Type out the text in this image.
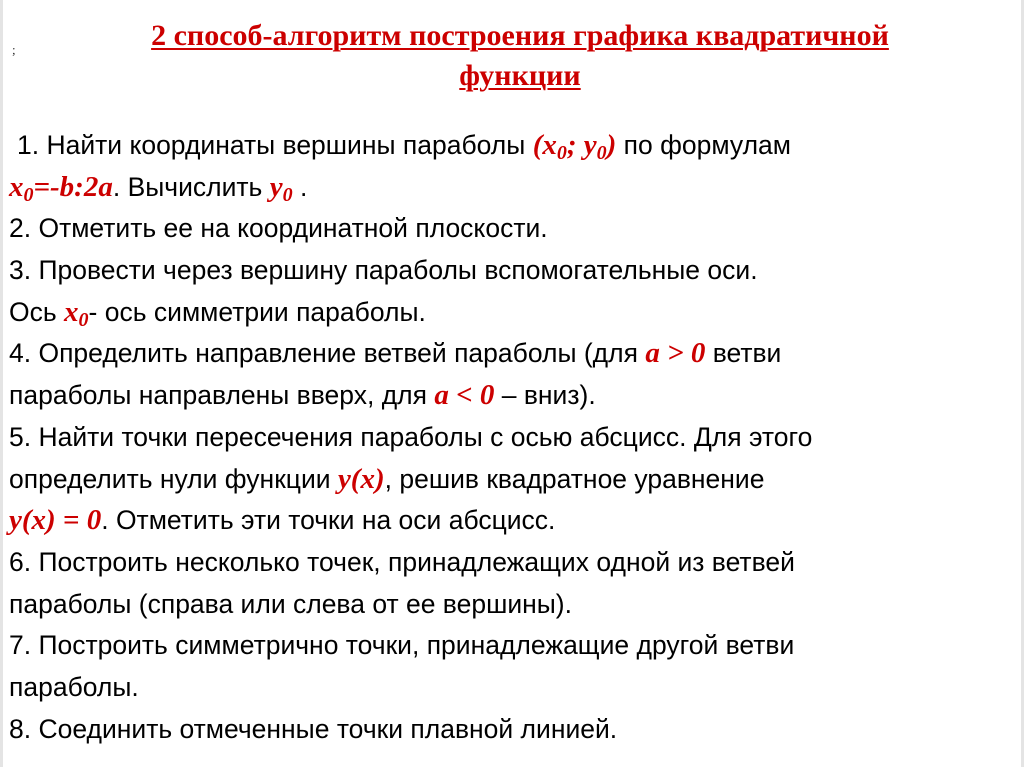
;	2 способ-алгоритм построения графика квадратичной
функции
1. Найти координаты вершины параболы ($x_0$; $y_0$) по формулам
$x_0=-b:2a$. Вычислить $y_0$ .
2. Отметить ее на координатной плоскости.
3. Провести через вершину параболы вспомогательные оси.
Ось $x_0-$ ось симметрии параболы.
4. Определить направление ветвей параболы (для a > 0 ветви
параболы направлены вверх, для a < 0 – вниз).
5. Найти точки пересечения параболы с осью абсцисс. Для этого
определить нули функции y(x), решив квадратное уравнение
y(x) = 0. Отметить эти точки на оси абсцисс.
6. Построить несколько точек, принадлежащих одной из ветвей
параболы (справа или слева от ее вершины).
7. Построить симметрично точки, принадлежащие другой ветви
параболы.
8. Соединить отмеченные точки плавной линией.
